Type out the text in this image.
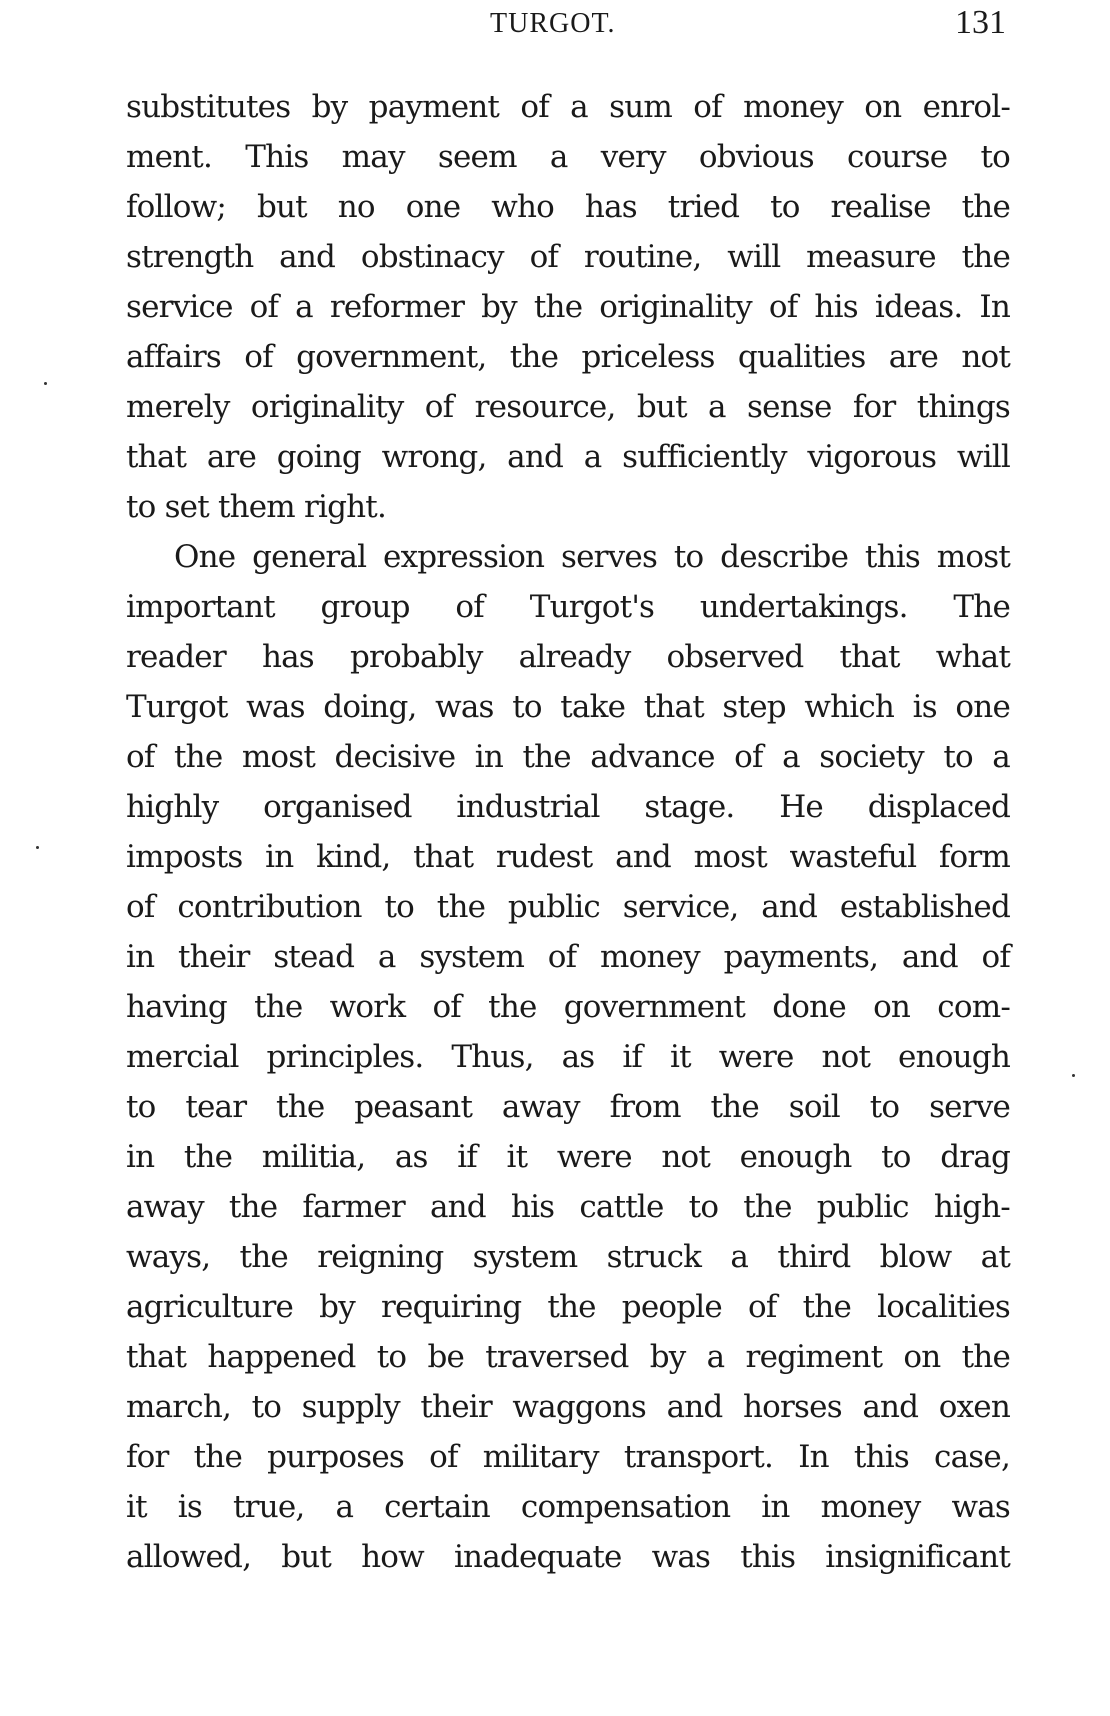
TURGOT.	131
substitutes by payment of a sum of money on enrol-
ment. This may seem a very obvious course to
follow; but no one who has tried to realise the
strength and obstinacy of routine, will measure the
service of a reformer by the originality of his ideas. In
affairs of government, the priceless qualities are not
merely originality of resource, but a sense for things
that are going wrong, and a sufficiently vigorous will
to set them right.
One general expression serves to describe this most
important group of Turgot's undertakings. The
reader has probably already observed that what
Turgot was doing, was to take that step which is one
of the most decisive in the advance of a society to a
highly organised industrial stage. He displaced
imposts in kind, that rudest and most wasteful form
of contribution to the public service, and established
in their stead a system of money payments, and of
having the work of the government done on com-
mercial principles. Thus, as if it were not enough
to tear the peasant away from the soil to serve
in the militia, as if it were not enough to drag
away the farmer and his cattle to the public high-
ways, the reigning system struck a third blow at
agriculture by requiring the people of the localities
that happened to be traversed by a regiment on the
march, to supply their waggons and horses and oxen
for the purposes of military transport. In this case,
it is true, a certain compensation in money was
allowed, but how inadequate was this insignificant
